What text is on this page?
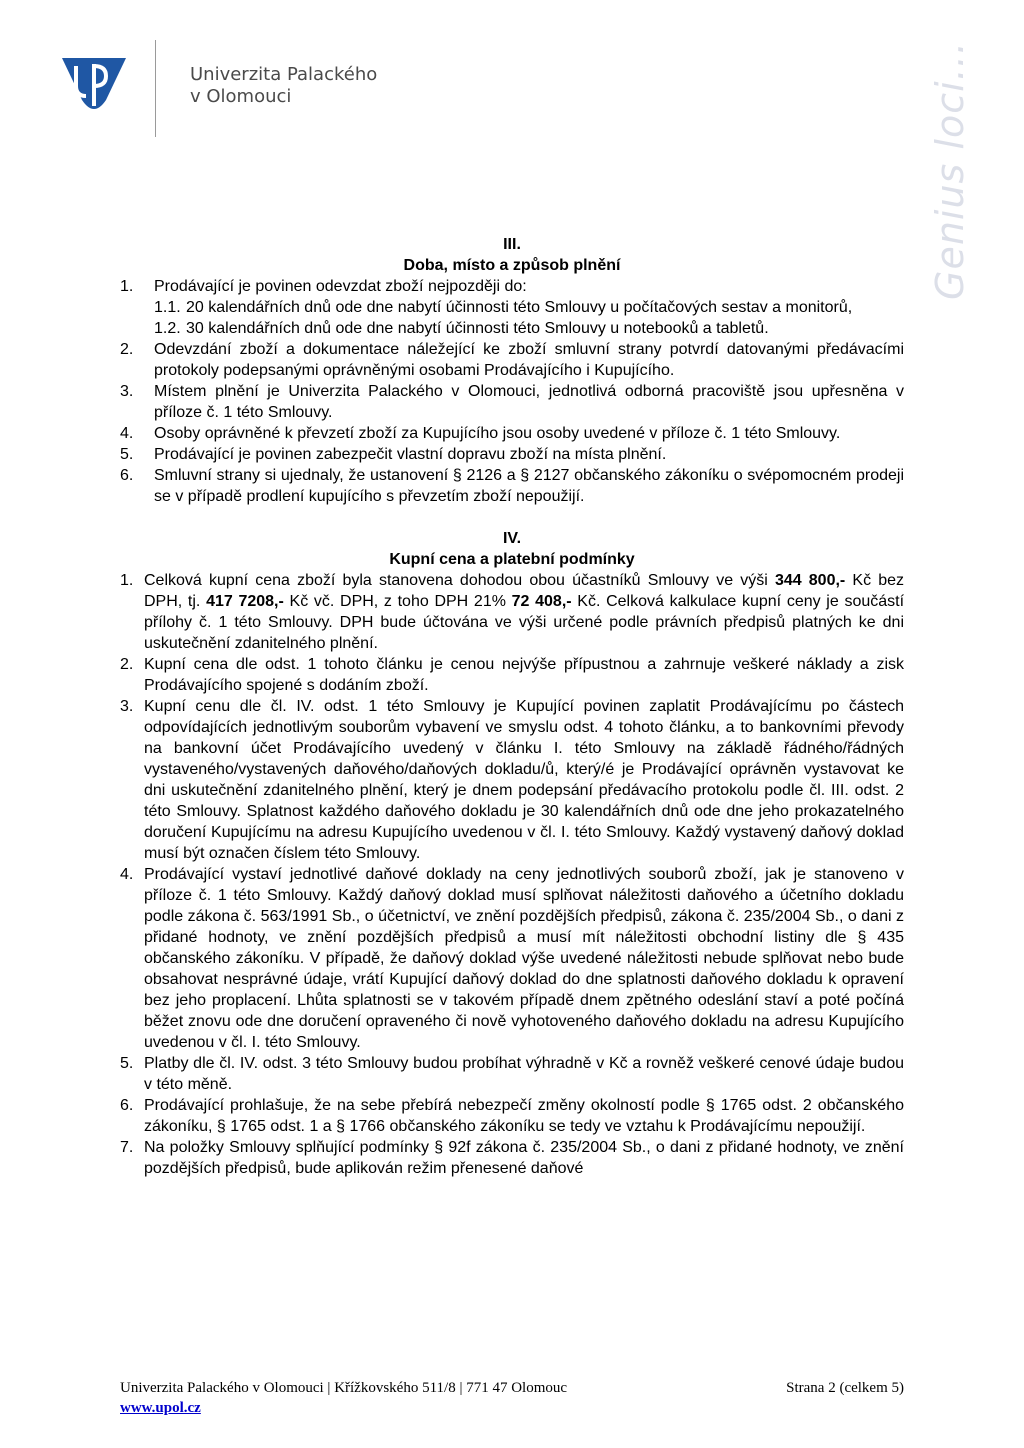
Univerzita Palackého
v Olomouci	Genius loci...
III.
Doba, místo a způsob plnění
1. Prodávající je povinen odevzdat zboží nejpozději do:
1.1. 20 kalendářních dnů ode dne nabytí účinnosti této Smlouvy u počítačových sestav a monitorů,
1.2. 30 kalendářních dnů ode dne nabytí účinnosti této Smlouvy u notebooků a tabletů.
2. Odevzdání zboží a dokumentace náležející ke zboží smluvní strany potvrdí datovanými předávacími protokoly podepsanými oprávněnými osobami Prodávajícího i Kupujícího.
3. Místem plnění je Univerzita Palackého v Olomouci, jednotlivá odborná pracoviště jsou upřesněna v příloze č. 1 této Smlouvy.
4. Osoby oprávněné k převzetí zboží za Kupujícího jsou osoby uvedené v příloze č. 1 této Smlouvy.
5. Prodávající je povinen zabezpečit vlastní dopravu zboží na místa plnění.
6. Smluvní strany si ujednaly, že ustanovení § 2126 a § 2127 občanského zákoníku o svépomocném prodeji se v případě prodlení kupujícího s převzetím zboží nepoužijí.
IV.
Kupní cena a platební podmínky
1. Celková kupní cena zboží byla stanovena dohodou obou účastníků Smlouvy ve výši 344 800,- Kč bez DPH, tj. 417 7208,- Kč vč. DPH, z toho DPH 21% 72 408,- Kč. Celková kalkulace kupní ceny je součástí přílohy č. 1 této Smlouvy. DPH bude účtována ve výši určené podle právních předpisů platných ke dni uskutečnění zdanitelného plnění.
2. Kupní cena dle odst. 1 tohoto článku je cenou nejvýše přípustnou a zahrnuje veškeré náklady a zisk Prodávajícího spojené s dodáním zboží.
3. Kupní cenu dle čl. IV. odst. 1 této Smlouvy je Kupující povinen zaplatit Prodávajícímu po částech odpovídajících jednotlivým souborům vybavení ve smyslu odst. 4 tohoto článku, a to bankovními převody na bankovní účet Prodávajícího uvedený v článku I. této Smlouvy na základě řádného/řádných vystaveného/vystavených daňového/daňových dokladu/ů, který/é je Prodávající oprávněn vystavovat ke dni uskutečnění zdanitelného plnění, který je dnem podepsání předávacího protokolu podle čl. III. odst. 2 této Smlouvy. Splatnost každého daňového dokladu je 30 kalendářních dnů ode dne jeho prokazatelného doručení Kupujícímu na adresu Kupujícího uvedenou v čl. I. této Smlouvy. Každý vystavený daňový doklad musí být označen číslem této Smlouvy.
4. Prodávající vystaví jednotlivé daňové doklady na ceny jednotlivých souborů zboží, jak je stanoveno v příloze č. 1 této Smlouvy. Každý daňový doklad musí splňovat náležitosti daňového a účetního dokladu podle zákona č. 563/1991 Sb., o účetnictví, ve znění pozdějších předpisů, zákona č. 235/2004 Sb., o dani z přidané hodnoty, ve znění pozdějších předpisů a musí mít náležitosti obchodní listiny dle § 435 občanského zákoníku. V případě, že daňový doklad výše uvedené náležitosti nebude splňovat nebo bude obsahovat nesprávné údaje, vrátí Kupující daňový doklad do dne splatnosti daňového dokladu k opravení bez jeho proplacení. Lhůta splatnosti se v takovém případě dnem zpětného odeslání staví a poté počíná běžet znovu ode dne doručení opraveného či nově vyhotoveného daňového dokladu na adresu Kupujícího uvedenou v čl. I. této Smlouvy.
5. Platby dle čl. IV. odst. 3 této Smlouvy budou probíhat výhradně v Kč a rovněž veškeré cenové údaje budou v této měně.
6. Prodávající prohlašuje, že na sebe přebírá nebezpečí změny okolností podle § 1765 odst. 2 občanského zákoníku, § 1765 odst. 1 a § 1766 občanského zákoníku se tedy ve vztahu k Prodávajícímu nepoužijí.
7. Na položky Smlouvy splňující podmínky § 92f zákona č. 235/2004 Sb., o dani z přidané hodnoty, ve znění pozdějších předpisů, bude aplikován režim přenesené daňové
Univerzita Palackého v Olomouci | Křížkovského 511/8 | 771 47 Olomouc	Strana 2 (celkem 5)
www.upol.cz
